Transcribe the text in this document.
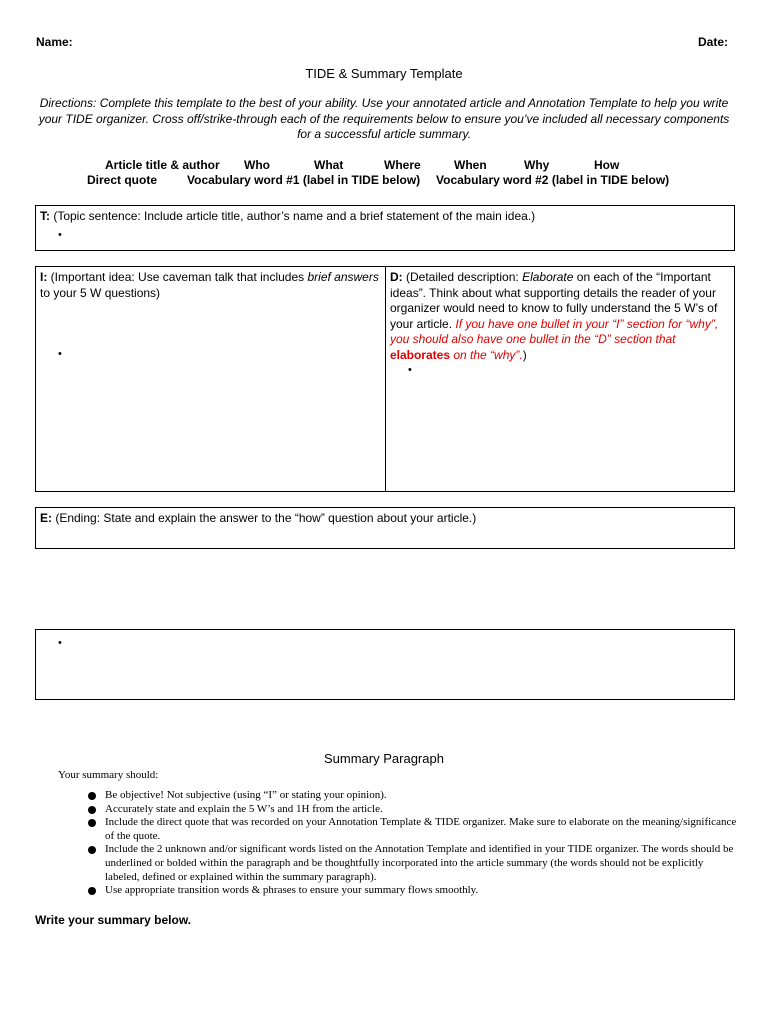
Name:	Date:
TIDE & Summary Template
Directions: Complete this template to the best of your ability. Use your annotated article and Annotation Template to help you write your TIDE organizer. Cross off/strike-through each of the requirements below to ensure you’ve included all necessary components for a successful article summary.
Article title & author Who	What	Where	When	Why	How
Direct quote Vocabulary word #1 (label in TIDE below) Vocabulary word #2 (label in TIDE below)
T: (Topic sentence: Include article title, author’s name and a brief statement of the main idea.)
•
I: (Important idea: Use caveman talk that includes brief answers to your 5 W questions)
•
D: (Detailed description: Elaborate on each of the “Important ideas”. Think about what supporting details the reader of your organizer would need to know to fully understand the 5 W’s of your article. If you have one bullet in your “I” section for “why”, you should also have one bullet in the “D” section that elaborates on the “why”.)
•
E: (Ending: State and explain the answer to the “how” question about your article.)
•
Summary Paragraph
Your summary should:
Be objective! Not subjective (using “I” or stating your opinion).
Accurately state and explain the 5 W’s and 1H from the article.
Include the direct quote that was recorded on your Annotation Template & TIDE organizer. Make sure to elaborate on the meaning/significance of the quote.
Include the 2 unknown and/or significant words listed on the Annotation Template and identified in your TIDE organizer. The words should be underlined or bolded within the paragraph and be thoughtfully incorporated into the article summary (the words should not be explicitly labeled, defined or explained within the summary paragraph).
Use appropriate transition words & phrases to ensure your summary flows smoothly.
Write your summary below.
